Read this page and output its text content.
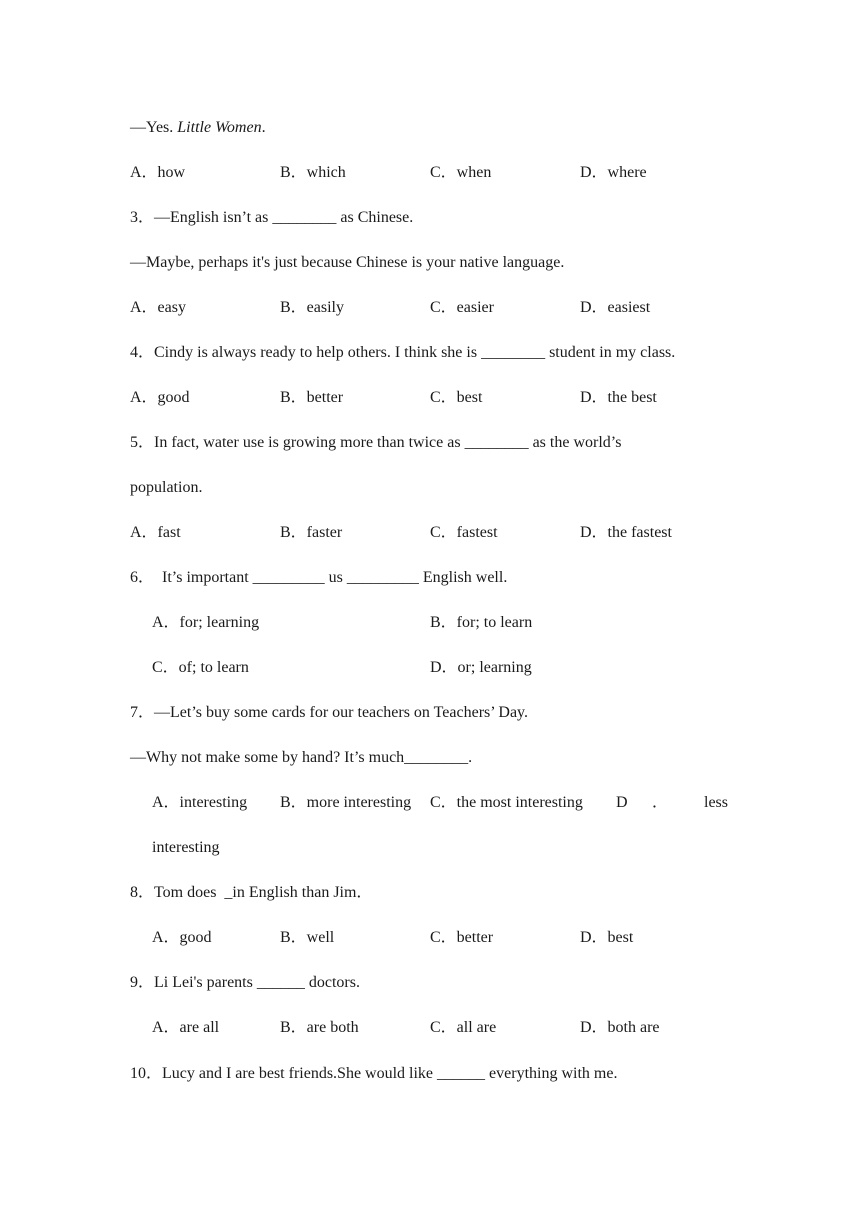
—Yes. Little Women.
A．how	B．which	C．when	D．where
3．—English isn’t as ________ as Chinese.
—Maybe, perhaps it's just because Chinese is your native language.
A．easy	B．easily	C．easier	D．easiest
4．Cindy is always ready to help others. I think she is ________ student in my class.
A．good	B．better	C．best	D．the best
5．In fact, water use is growing more than twice as ________ as the world’s
population.
A．fast	B．faster	C．fastest	D．the fastest
6．  It’s important _________ us _________ English well.
A．for; learning	B．for; to learn
C．of; to learn	D．or; learning
7．—Let’s buy some cards for our teachers on Teachers’ Day.
—Why not make some by hand? It’s much________.
A．interesting B．more interesting C．the most interesting D ． less
interesting
8．Tom does  _in English than Jim．
A．good	B．well	C．better	D．best
9．Li Lei's parents ______ doctors.
A．are all	B．are both	C．all are	D．both are
10．Lucy and I are best friends.She would like ______ everything with me.
